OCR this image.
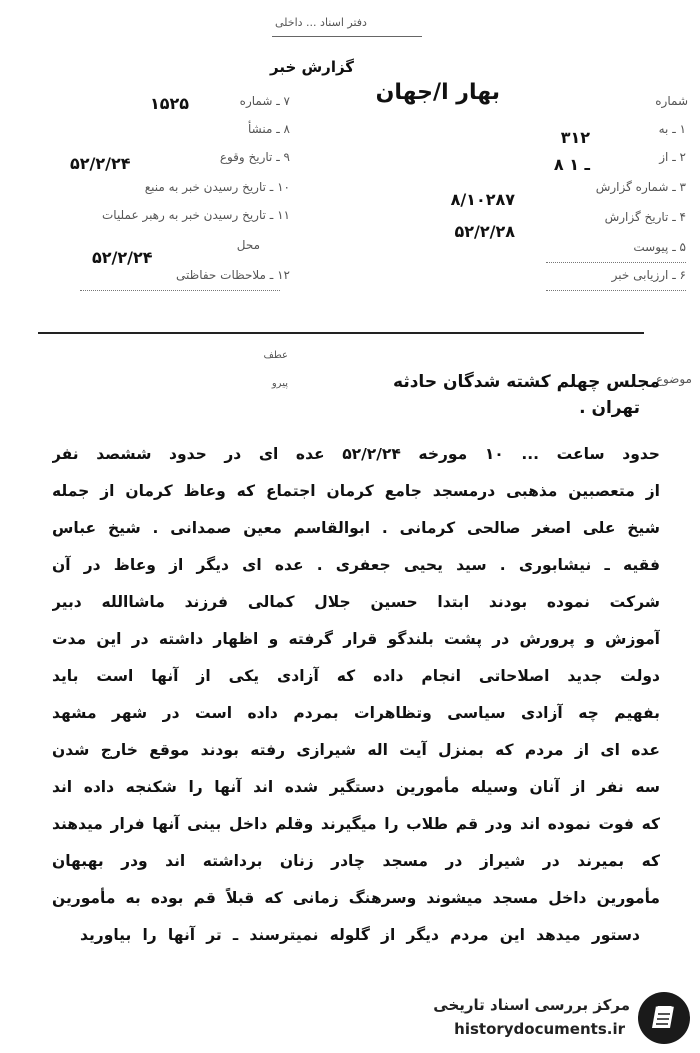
دفتر اسناد ... داخلی
گزارش خبر
شماره
بهار ا/جهان
۱ ـ به
۳۱۲
۲ ـ از
۸ ـ ۱
۳ ـ شماره گزارش
۸/۱۰۲۸۷
۴ ـ تاریخ گزارش
۵۲/۲/۲۸
۵ ـ پیوست
۶ ـ ارزیابی خبر
۷ ـ شماره
۱۵۲۵
۸ ـ منشأ
۹ ـ تاریخ وقوع
۵۲/۲/۲۴
۱۰ ـ تاریخ رسیدن خبر به منبع
۱۱ ـ تاریخ رسیدن خبر به رهبر عملیات
۵۲/۲/۲۴
محل
۱۲ ـ ملاحظات حفاظتی
موضوع
عطف
مجلس چهلم کشته شدگان حادثه
پیرو
تهران .
حدود ساعت ... ۱۰ مورخه ۵۲/۲/۲۴ عده ای در حدود ششصد نفر
از متعصبین مذهبی درمسجد جامع کرمان اجتماع که وعاظ کرمان از جمله
شیخ علی اصغر صالحی کرمانی . ابوالقاسم معین صمدانی . شیخ عباس
فقیه ـ نیشابوری . سید یحیی جعفری . عده ای دیگر از وعاظ در آن
شرکت نموده بودند ابتدا حسین جلال کمالی فرزند ماشاالله دبیر
آموزش و پرورش در پشت بلندگو قرار گرفته و اظهار داشته در این مدت
دولت جدید اصلاحاتی انجام داده که آزادی یکی از آنها است باید
بفهیم چه آزادی سیاسی وتظاهرات بمردم داده است در شهر مشهد
عده ای از مردم که بمنزل آیت اله شیرازی رفته بودند موقع خارج شدن
سه نفر از آنان وسیله مأمورین دستگیر شده اند آنها را شکنجه داده اند
که فوت نموده اند ودر قم طلاب را میگیرند وقلم داخل بینی آنها فرار میدهند
که بمیرند در شیراز در مسجد چادر زنان برداشته اند ودر بهبهان
مأمورین داخل مسجد میشوند وسرهنگ زمانی که قبلاً قم بوده به مأمورین
دستور میدهد این مردم دیگر از گلوله نمیترسند ـ تر آنها را بیاورید
مرکز بررسی اسناد تاریخی
historydocuments.ir
